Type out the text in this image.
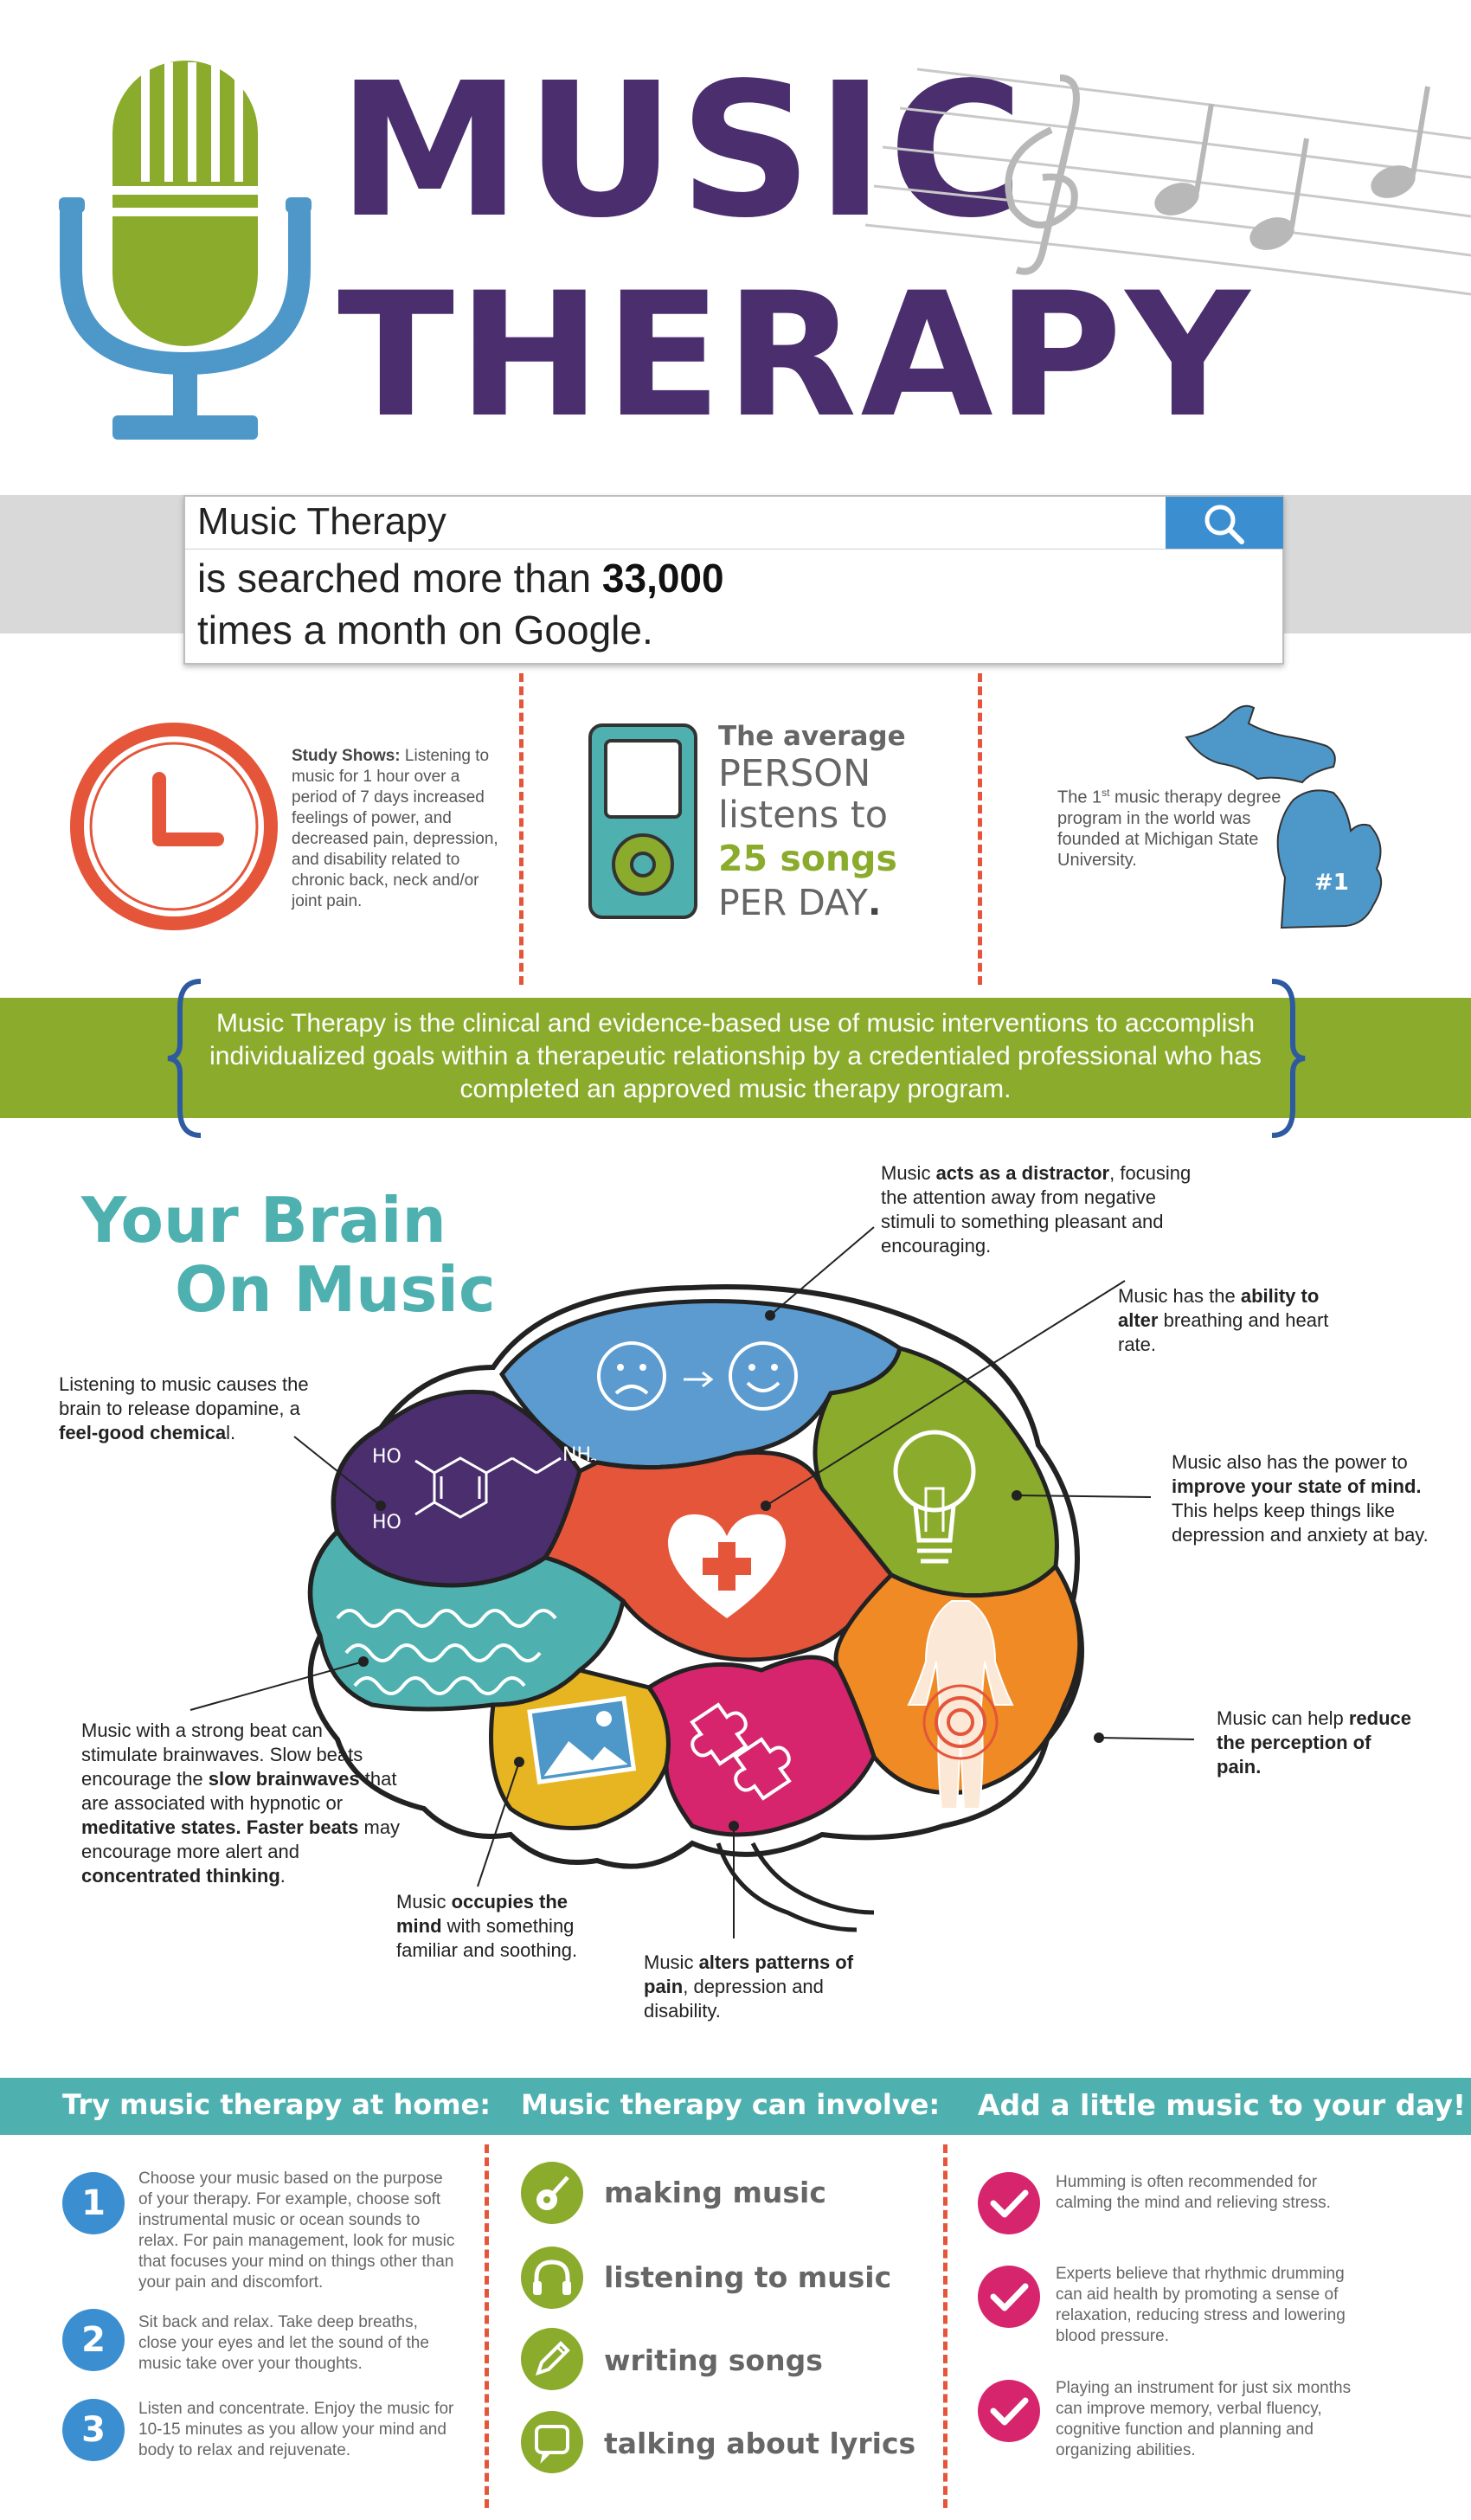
MUSIC
THERAPY
Music Therapy
is searched more than 33,000
times a month on Google.
Study Shows: Listening to music for 1 hour over a period of 7 days increased feelings of power, and decreased pain, depression, and disability related to chronic back, neck and/or joint pain.
The average
PERSON
listens to
25 songs
PER DAY.
The 1st music therapy degree program in the world was founded at Michigan State University.
#1
Music Therapy is the clinical and evidence-based use of music interventions to accomplish individualized goals within a therapeutic relationship by a credentialed professional who has completed an approved music therapy program.
Your Brain
On Music
HO
HO
NH
Music acts as a distractor, focusing the attention away from negative stimuli to something pleasant and encouraging.
Music has the ability to alter breathing and heart rate.
Music also has the power to improve your state of mind. This helps keep things like depression and anxiety at bay.
Listening to music causes the brain to release dopamine, a feel-good chemical.
Music can help reduce the perception of pain.
Music with a strong beat can stimulate brainwaves. Slow beats encourage the slow brainwaves that are associated with hypnotic or meditative states. Faster beats may encourage more alert and concentrated thinking.
Music occupies the mind with something familiar and soothing.
Music alters patterns of pain, depression and disability.
Try music therapy at home: Music therapy can involve: Add a little music to your day!
1
Choose your music based on the purpose of your therapy. For example, choose soft instrumental music or ocean sounds to relax. For pain management, look for music that focuses your mind on things other than your pain and discomfort.
2	Sit back and relax. Take deep breaths, close your eyes and let the sound of the music take over your thoughts.
3
Listen and concentrate. Enjoy the music for 10-15 minutes as you allow your mind and body to relax and rejuvenate.
making music
listening to music
writing songs
talking about lyrics
Humming is often recommended for calming the mind and relieving stress.
Experts believe that rhythmic drumming can aid health by promoting a sense of relaxation, reducing stress and lowering blood pressure.
Playing an instrument for just six months can improve memory, verbal fluency, cognitive function and planning and organizing abilities.
